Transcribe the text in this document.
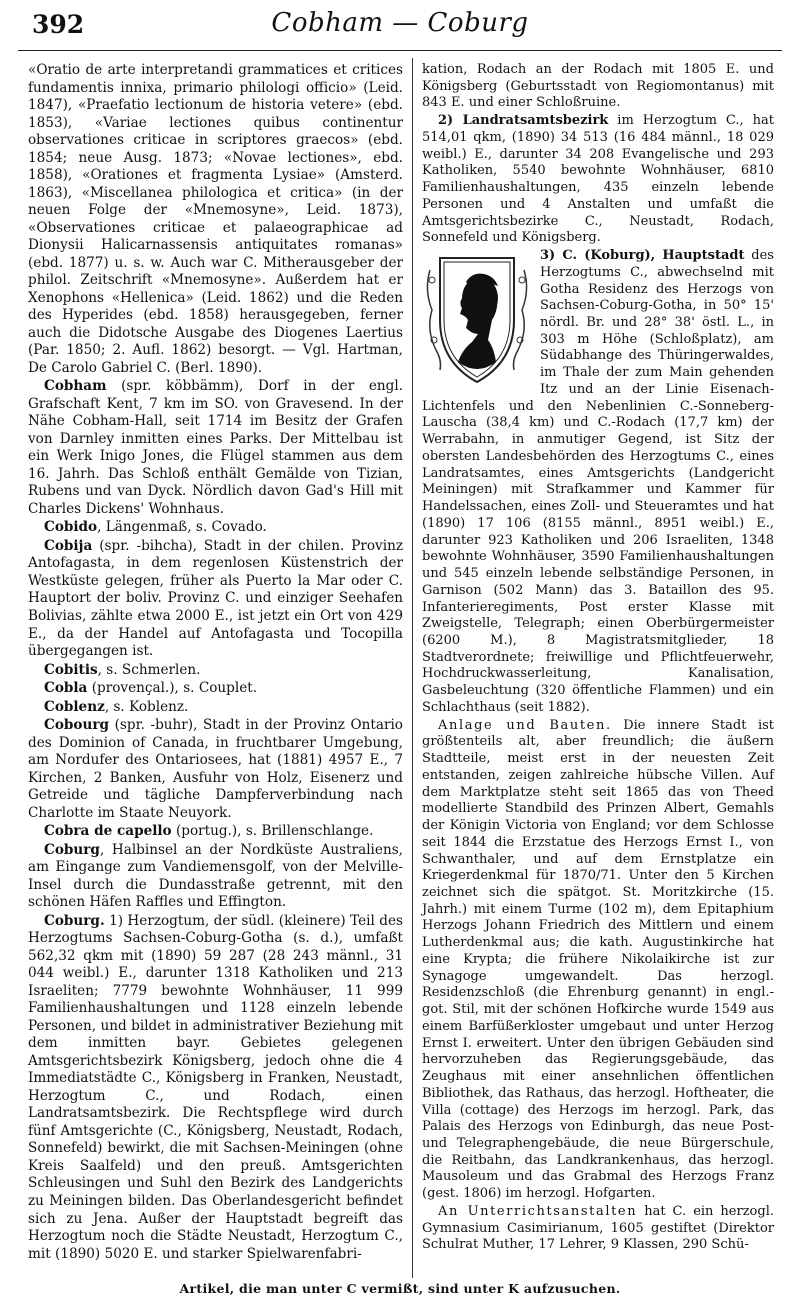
392	Cobham — Coburg

«Oratio de arte interpretandi grammatices et critices fundamentis innixa, primario philologi officio» (Leid. 1847), «Praefatio lectionum de historia vetere» (ebd. 1853), «Variae lectiones quibus continentur observationes criticae in scriptores graecos» (ebd. 1854; neue Ausg. 1873; «Novae lectiones», ebd. 1858), «Orationes et fragmenta Lysiae» (Amsterd. 1863), «Miscellanea philologica et critica» (in der neuen Folge der «Mnemosyne», Leid. 1873), «Observationes criticae et palaeographicae ad Dionysii Halicarnassensis antiquitates romanas» (ebd. 1877) u. s. w. Auch war C. Mitherausgeber der philol. Zeitschrift «Mnemosyne». Außerdem hat er Xenophons «Hellenica» (Leid. 1862) und die Reden des Hyperides (ebd. 1858) herausgegeben, ferner auch die Didotsche Ausgabe des Diogenes Laertius (Par. 1850; 2. Aufl. 1862) besorgt. — Vgl. Hartman, De Carolo Gabriel C. (Berl. 1890).

Cobham (spr. köbbämm), Dorf in der engl. Grafschaft Kent, 7 km im SO. von Gravesend. In der Nähe Cobham-Hall, seit 1714 im Besitz der Grafen von Darnley inmitten eines Parks. Der Mittelbau ist ein Werk Inigo Jones, die Flügel stammen aus dem 16. Jahrh. Das Schloß enthält Gemälde von Tizian, Rubens und van Dyck. Nördlich davon Gad's Hill mit Charles Dickens' Wohnhaus.

Cobido, Längenmaß, s. Covado.

Cobija (spr. -bihcha), Stadt in der chilen. Provinz Antofagasta, in dem regenlosen Küstenstrich der Westküste gelegen, früher als Puerto la Mar oder C. Hauptort der boliv. Provinz C. und einziger Seehafen Bolivias, zählte etwa 2000 E., ist jetzt ein Ort von 429 E., da der Handel auf Antofagasta und Tocopilla übergegangen ist.

Cobitis, s. Schmerlen.

Cobla (provençal.), s. Couplet.

Coblenz, s. Koblenz.

Cobourg (spr. -buhr), Stadt in der Provinz Ontario des Dominion of Canada, in fruchtbarer Umgebung, am Nordufer des Ontariosees, hat (1881) 4957 E., 7 Kirchen, 2 Banken, Ausfuhr von Holz, Eisenerz und Getreide und tägliche Dampferverbindung nach Charlotte im Staate Neuyork.

Cobra de capello (portug.), s. Brillenschlange.

Coburg, Halbinsel an der Nordküste Australiens, am Eingange zum Vandiemensgolf, von der Melville-Insel durch die Dundasstraße getrennt, mit den schönen Häfen Raffles und Effington.

Coburg. 1) Herzogtum, der südl. (kleinere) Teil des Herzogtums Sachsen-Coburg-Gotha (s. d.), umfaßt 562,32 qkm mit (1890) 59 287 (28 243 männl., 31 044 weibl.) E., darunter 1318 Katholiken und 213 Israeliten; 7779 bewohnte Wohnhäuser, 11 999 Familienhaushaltungen und 1128 einzeln lebende Personen, und bildet in administrativer Beziehung mit dem inmitten bayr. Gebietes gelegenen Amtsgerichtsbezirk Königsberg, jedoch ohne die 4 Immediatstädte C., Königsberg in Franken, Neustadt, Herzogtum C., und Rodach, einen Landratsamtsbezirk. Die Rechtspflege wird durch fünf Amtsgerichte (C., Königsberg, Neustadt, Rodach, Sonnefeld) bewirkt, die mit Sachsen-Meiningen (ohne Kreis Saalfeld) und den preuß. Amtsgerichten Schleusingen und Suhl den Bezirk des Landgerichts zu Meiningen bilden. Das Oberlandesgericht befindet sich zu Jena. Außer der Hauptstadt begreift das Herzogtum noch die Städte Neustadt, Herzogtum C., mit (1890) 5020 E. und starker Spielwarenfabri-

kation, Rodach an der Rodach mit 1805 E. und Königsberg (Geburtsstadt von Regiomontanus) mit 843 E. und einer Schloßruine.

2) Landratsamtsbezirk im Herzogtum C., hat 514,01 qkm, (1890) 34 513 (16 484 männl., 18 029 weibl.) E., darunter 34 208 Evangelische und 293 Katholiken, 5540 bewohnte Wohnhäuser, 6810 Familienhaushaltungen, 435 einzeln lebende Personen und 4 Anstalten und umfaßt die Amtsgerichtsbezirke C., Neustadt, Rodach, Sonnefeld und Königsberg.

3) C. (Koburg), Hauptstadt des Herzogtums C., abwechselnd mit Gotha Residenz des Herzogs von Sachsen-Coburg-Gotha, in 50° 15' nördl. Br. und 28° 38' östl. L., in 303 m Höhe (Schloßplatz), am Südabhange des Thüringerwaldes, im Thale der zum Main gehenden Itz und an der Linie Eisenach-Lichtenfels und den Nebenlinien C.-Sonneberg-Lauscha (38,4 km) und C.-Rodach (17,7 km) der Werrabahn, in anmutiger Gegend, ist Sitz der obersten Landesbehörden des Herzogtums C., eines Landratsamtes, eines Amtsgerichts (Landgericht Meiningen) mit Strafkammer und Kammer für Handelssachen, eines Zoll- und Steueramtes und hat (1890) 17 106 (8155 männl., 8951 weibl.) E., darunter 923 Katholiken und 206 Israeliten, 1348 bewohnte Wohnhäuser, 3590 Familienhaushaltungen und 545 einzeln lebende selbständige Personen, in Garnison (502 Mann) das 3. Bataillon des 95. Infanterieregiments, Post erster Klasse mit Zweigstelle, Telegraph; einen Oberbürgermeister (6200 M.), 8 Magistratsmitglieder, 18 Stadtverordnete; freiwillige und Pflichtfeuerwehr, Hochdruckwasserleitung, Kanalisation, Gasbeleuchtung (320 öffentliche Flammen) und ein Schlachthaus (seit 1882).

Anlage und Bauten. Die innere Stadt ist größtenteils alt, aber freundlich; die äußern Stadtteile, meist erst in der neuesten Zeit entstanden, zeigen zahlreiche hübsche Villen. Auf dem Marktplatze steht seit 1865 das von Theed modellierte Standbild des Prinzen Albert, Gemahls der Königin Victoria von England; vor dem Schlosse seit 1844 die Erzstatue des Herzogs Ernst I., von Schwanthaler, und auf dem Ernstplatze ein Kriegerdenkmal für 1870/71. Unter den 5 Kirchen zeichnet sich die spätgot. St. Moritzkirche (15. Jahrh.) mit einem Turme (102 m), dem Epitaphium Herzogs Johann Friedrich des Mittlern und einem Lutherdenkmal aus; die kath. Augustinkirche hat eine Krypta; die frühere Nikolaikirche ist zur Synagoge umgewandelt. Das herzogl. Residenzschloß (die Ehrenburg genannt) in engl.-got. Stil, mit der schönen Hofkirche wurde 1549 aus einem Barfüßerkloster umgebaut und unter Herzog Ernst I. erweitert. Unter den übrigen Gebäuden sind hervorzuheben das Regierungsgebäude, das Zeughaus mit einer ansehnlichen öffentlichen Bibliothek, das Rathaus, das herzogl. Hoftheater, die Villa (cottage) des Herzogs im herzogl. Park, das Palais des Herzogs von Edinburgh, das neue Post- und Telegraphengebäude, die neue Bürgerschule, die Reitbahn, das Landkrankenhaus, das herzogl. Mausoleum und das Grabmal des Herzogs Franz (gest. 1806) im herzogl. Hofgarten.

An Unterrichtsanstalten hat C. ein herzogl. Gymnasium Casimirianum, 1605 gestiftet (Direktor Schulrat Muther, 17 Lehrer, 9 Klassen, 290 Schü-

Artikel, die man unter C vermißt, sind unter K aufzusuchen.
